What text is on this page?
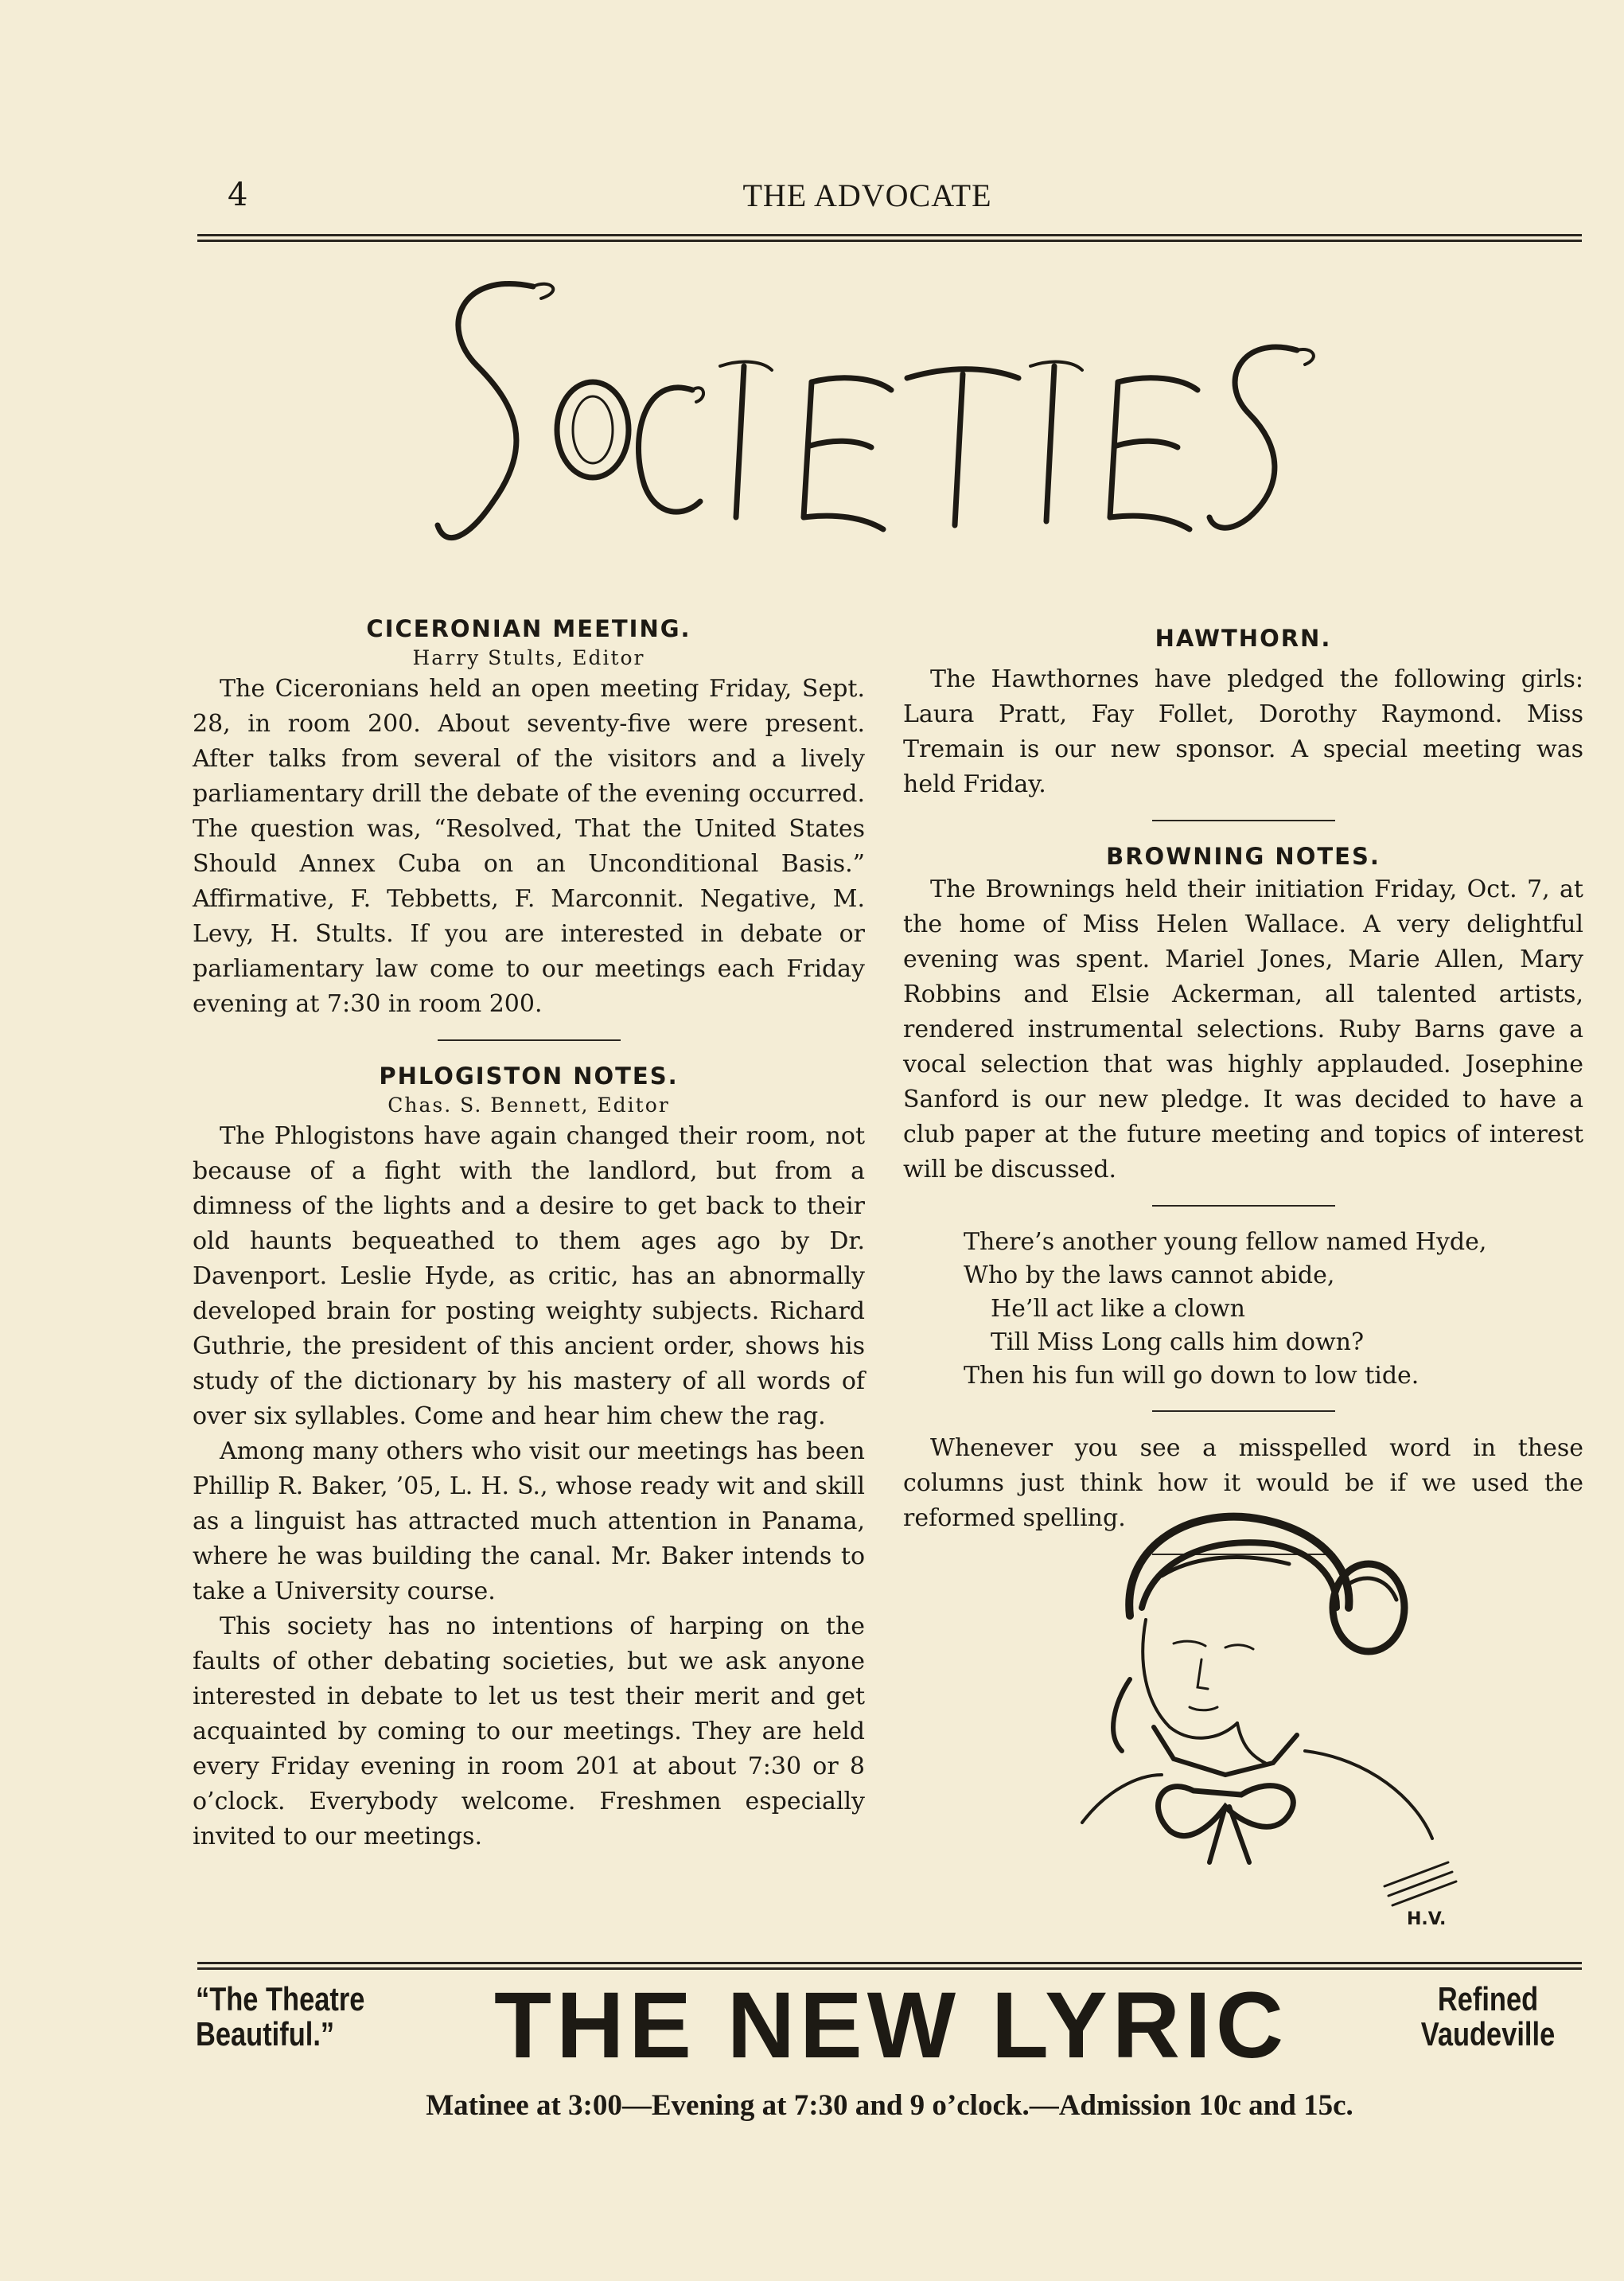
4	THE ADVOCATE

CICERONIAN MEETING.

Harry Stults, Editor

The Ciceronians held an open meeting Friday, Sept. 28, in room 200. About seventy-five were present. After talks from several of the visitors and a lively parliamentary drill the debate of the evening occurred. The question was, “Resolved, That the United States Should Annex Cuba on an Unconditional Basis.” Affirmative, F. Tebbetts, F. Marconnit. Negative, M. Levy, H. Stults. If you are interested in debate or parliamentary law come to our meetings each Friday evening at 7:30 in room 200.

PHLOGISTON NOTES.

Chas. S. Bennett, Editor

The Phlogistons have again changed their room, not because of a fight with the landlord, but from a dimness of the lights and a desire to get back to their old haunts bequeathed to them ages ago by Dr. Davenport. Leslie Hyde, as critic, has an abnormally developed brain for posting weighty subjects. Richard Guthrie, the president of this ancient order, shows his study of the dictionary by his mastery of all words of over six syllables. Come and hear him chew the rag.

Among many others who visit our meetings has been Phillip R. Baker, ’05, L. H. S., whose ready wit and skill as a linguist has attracted much attention in Panama, where he was building the canal. Mr. Baker intends to take a University course.

This society has no intentions of harping on the faults of other debating societies, but we ask anyone interested in debate to let us test their merit and get acquainted by coming to our meetings. They are held every Friday evening in room 201 at about 7:30 or 8 o’clock. Everybody welcome. Freshmen especially invited to our meetings.

HAWTHORN.

The Hawthornes have pledged the following girls: Laura Pratt, Fay Follet, Dorothy Raymond. Miss Tremain is our new sponsor. A special meeting was held Friday.

BROWNING NOTES.

The Brownings held their initiation Friday, Oct. 7, at the home of Miss Helen Wallace. A very delightful evening was spent. Mariel Jones, Marie Allen, Mary Robbins and Elsie Ackerman, all talented artists, rendered instrumental selections. Ruby Barns gave a vocal selection that was highly applauded. Josephine Sanford is our new pledge. It was decided to have a club paper at the future meeting and topics of interest will be discussed.

There’s another young fellow named Hyde,
Who by the laws cannot abide,
He’ll act like a clown
Till Miss Long calls him down?
Then his fun will go down to low tide.

Whenever you see a misspelled word in these columns just think how it would be if we used the reformed spelling.

H.V.
“The Theatre
Beautiful.”	THE NEW LYRIC	Refined
Vaudeville
Matinee at 3:00—Evening at 7:30 and 9 o’clock.—Admission 10c and 15c.
